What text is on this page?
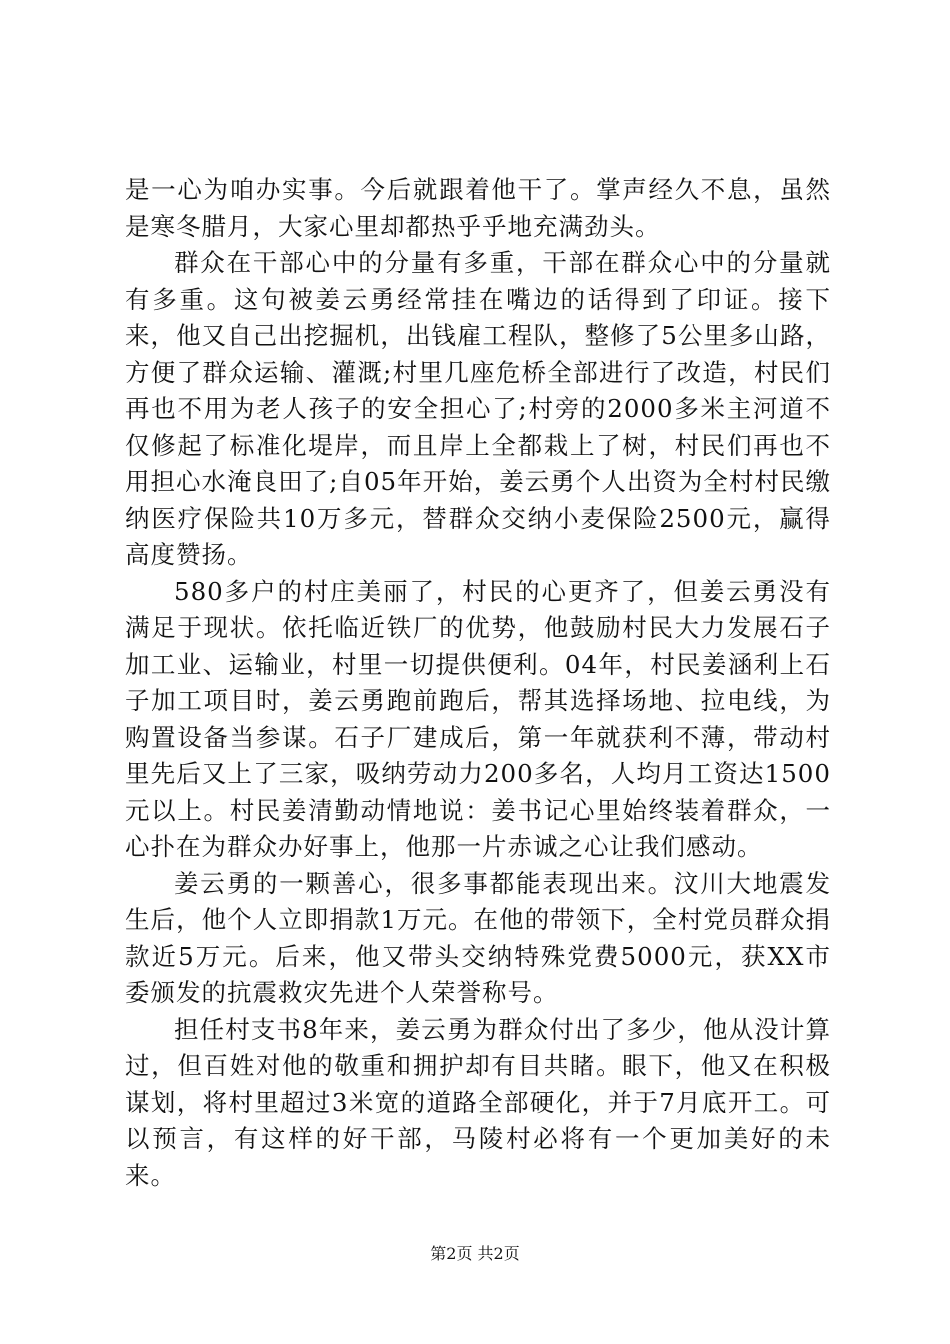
是一心为咱办实事。今后就跟着他干了。掌声经久不息，虽然是寒冬腊月，大家心里却都热乎乎地充满劲头。

群众在干部心中的分量有多重，干部在群众心中的分量就有多重。这句被姜云勇经常挂在嘴边的话得到了印证。接下来，他又自己出挖掘机，出钱雇工程队，整修了5公里多山路，方便了群众运输、灌溉;村里几座危桥全部进行了改造，村民们再也不用为老人孩子的安全担心了;村旁的2000多米主河道不仅修起了标准化堤岸，而且岸上全都栽上了树，村民们再也不用担心水淹良田了;自05年开始，姜云勇个人出资为全村村民缴纳医疗保险共10万多元，替群众交纳小麦保险2500元，赢得高度赞扬。

580多户的村庄美丽了，村民的心更齐了，但姜云勇没有满足于现状。依托临近铁厂的优势，他鼓励村民大力发展石子加工业、运输业，村里一切提供便利。04年，村民姜涵利上石子加工项目时，姜云勇跑前跑后，帮其选择场地、拉电线，为购置设备当参谋。石子厂建成后，第一年就获利不薄，带动村里先后又上了三家，吸纳劳动力200多名，人均月工资达1500元以上。村民姜清勤动情地说：姜书记心里始终装着群众，一心扑在为群众办好事上，他那一片赤诚之心让我们感动。

姜云勇的一颗善心，很多事都能表现出来。汶川大地震发生后，他个人立即捐款1万元。在他的带领下，全村党员群众捐款近5万元。后来，他又带头交纳特殊党费5000元，获XX市委颁发的抗震救灾先进个人荣誉称号。

担任村支书8年来，姜云勇为群众付出了多少，他从没计算过，但百姓对他的敬重和拥护却有目共睹。眼下，他又在积极谋划，将村里超过3米宽的道路全部硬化，并于7月底开工。可以预言，有这样的好干部，马陵村必将有一个更加美好的未来。

第2页 共2页
